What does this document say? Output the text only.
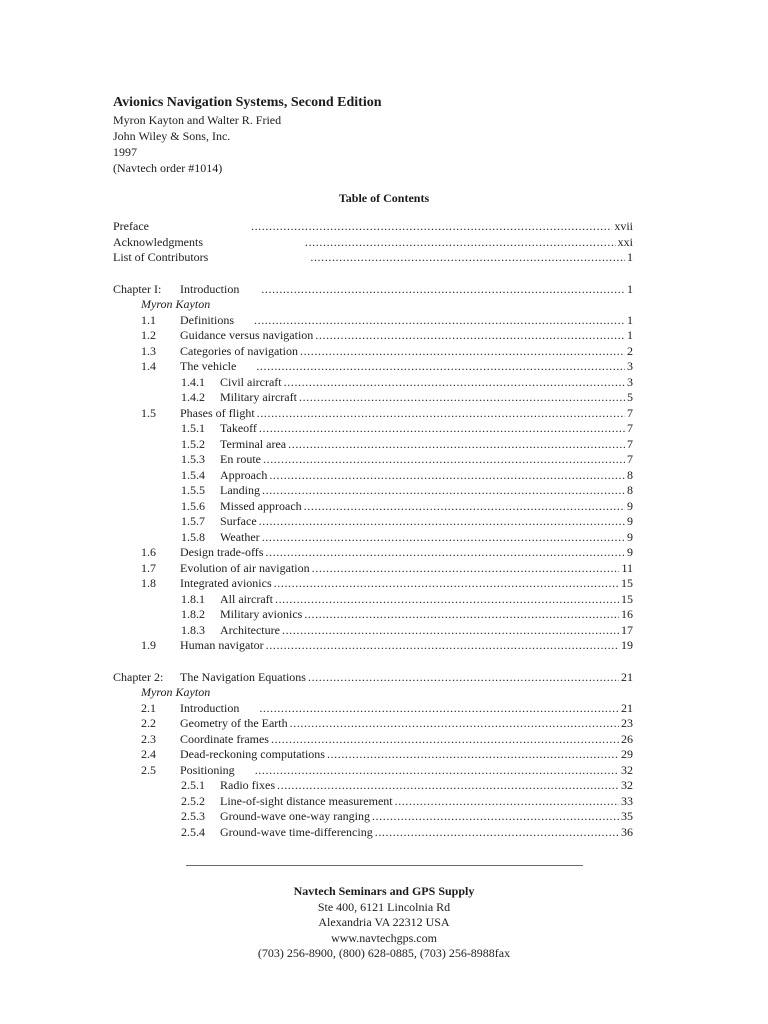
Avionics Navigation Systems, Second Edition
Myron Kayton and Walter R. Fried
John Wiley & Sons, Inc.
1997
(Navtech order #1014)
Table of Contents
Preface . . .	xvii
Acknowledgments . . .	xxi
List of Contributors . . .	1
Chapter I: Introduction . . .	1
Myron Kayton
1.1 Definitions . . .	1
1.2 Guidance versus navigation . . .	1
1.3 Categories of navigation . . .	2
1.4 The vehicle . . .	3
1.4.1 Civil aircraft . . .	3
1.4.2 Military aircraft . . .	5
1.5 Phases of flight . . .	7
1.5.1 Takeoff . . .	7
1.5.2 Terminal area . . .	7
1.5.3 En route . . .	7
1.5.4 Approach . . .	8
1.5.5 Landing . . .	8
1.5.6 Missed approach . . .	9
1.5.7 Surface . . .	9
1.5.8 Weather . . .	9
1.6 Design trade-offs . . .	9
1.7 Evolution of air navigation . . .	11
1.8 Integrated avionics . . .	15
1.8.1 All aircraft . . .	15
1.8.2 Military avionics . . .	16
1.8.3 Architecture . . .	17
1.9 Human navigator . . .	19
Chapter 2: The Navigation Equations . . .	21
Myron Kayton
2.1 Introduction . . .	21
2.2 Geometry of the Earth . . .	23
2.3 Coordinate frames . . .	26
2.4 Dead-reckoning computations . . .	29
2.5 Positioning . . .	32
2.5.1 Radio fixes . . .	32
2.5.2 Line-of-sight distance measurement . . .	33
2.5.3 Ground-wave one-way ranging . . .	35
2.5.4 Ground-wave time-differencing . . .	36
Navtech Seminars and GPS Supply
Ste 400, 6121 Lincolnia Rd
Alexandria VA 22312 USA
www.navtechgps.com
(703) 256-8900, (800) 628-0885, (703) 256-8988fax
